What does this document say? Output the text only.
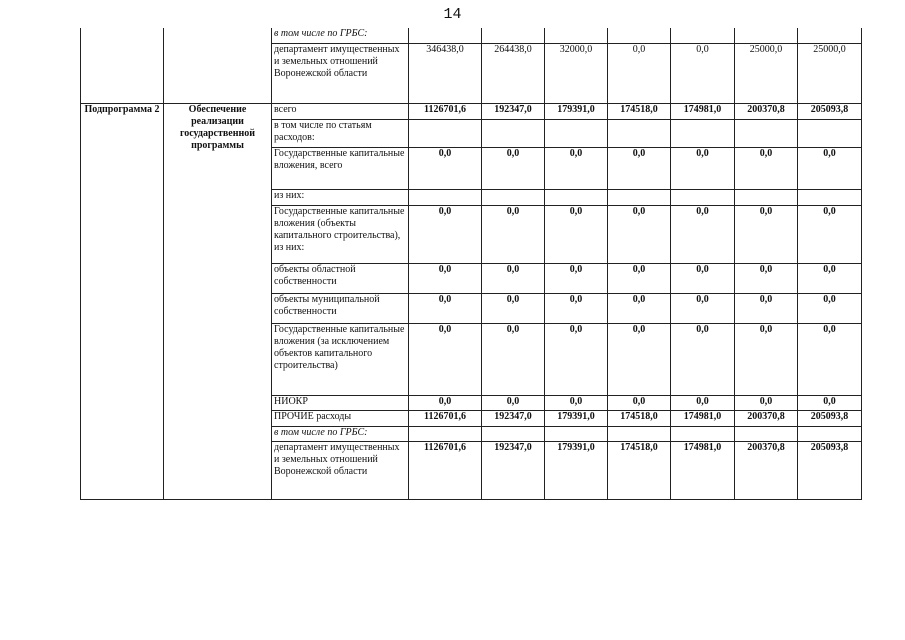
14
		в том числе по ГРБС:							
		департамент имущественных и земельных отношений Воронежской области	346438,0	264438,0	32000,0	0,0	0,0	25000,0	25000,0
Подпрограмма 2	Обеспечение реализации государственной программы	всего	1126701,6	192347,0	179391,0	174518,0	174981,0	200370,8	205093,8
		в том числе по статьям расходов:							
		Государственные капитальные вложения, всего	0,0	0,0	0,0	0,0	0,0	0,0	0,0
		из них:							
		Государственные капитальные вложения (объекты капитального строительства), из них:	0,0	0,0	0,0	0,0	0,0	0,0	0,0
		объекты областной собственности	0,0	0,0	0,0	0,0	0,0	0,0	0,0
		объекты муниципальной собственности	0,0	0,0	0,0	0,0	0,0	0,0	0,0
		Государственные капитальные вложения (за исключением объектов капитального строительства)	0,0	0,0	0,0	0,0	0,0	0,0	0,0
		НИОКР	0,0	0,0	0,0	0,0	0,0	0,0	0,0
		ПРОЧИЕ расходы	1126701,6	192347,0	179391,0	174518,0	174981,0	200370,8	205093,8
		в том числе по ГРБС:							
		департамент имущественных и земельных отношений Воронежской области	1126701,6	192347,0	179391,0	174518,0	174981,0	200370,8	205093,8
